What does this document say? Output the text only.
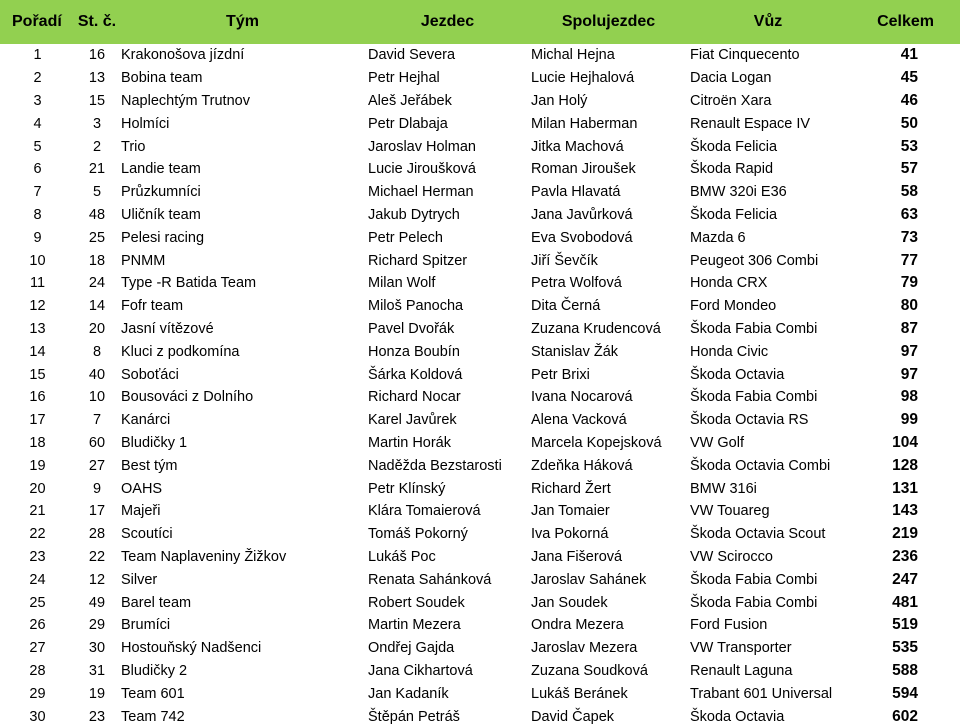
Pořadí	St. č.	Tým	Jezdec	Spolujezdec	Vůz	Celkem
1	16	Krakonošova jízdní	David Severa	Michal Hejna	Fiat Cinquecento	41
2	13	Bobina team	Petr Hejhal	Lucie Hejhalová	Dacia Logan	45
3	15	Naplechtým Trutnov	Aleš Jeřábek	Jan Holý	Citroën Xara	46
4	3	Holmíci	Petr Dlabaja	Milan Haberman	Renault Espace IV	50
5	2	Trio	Jaroslav Holman	Jitka Machová	Škoda Felicia	53
6	21	Landie team	Lucie Jiroušková	Roman Jiroušek	Škoda Rapid	57
7	5	Průzkumníci	Michael Herman	Pavla Hlavatá	BMW 320i E36	58
8	48	Uličník team	Jakub Dytrych	Jana Javůrková	Škoda Felicia	63
9	25	Pelesi racing	Petr Pelech	Eva Svobodová	Mazda 6	73
10	18	PNMM	Richard Spitzer	Jiří Ševčík	Peugeot 306 Combi	77
11	24	Type -R Batida Team	Milan Wolf	Petra Wolfová	Honda CRX	79
12	14	Fofr team	Miloš Panocha	Dita Černá	Ford Mondeo	80
13	20	Jasní vítězové	Pavel Dvořák	Zuzana Krudencová	Škoda Fabia Combi	87
14	8	Kluci z podkomína	Honza Boubín	Stanislav Žák	Honda Civic	97
15	40	Soboťáci	Šárka Koldová	Petr Brixi	Škoda Octavia	97
16	10	Bousováci z Dolního	Richard Nocar	Ivana Nocarová	Škoda Fabia Combi	98
17	7	Kanárci	Karel Javůrek	Alena Vacková	Škoda Octavia RS	99
18	60	Bludičky 1	Martin Horák	Marcela Kopejsková	VW Golf	104
19	27	Best tým	Naděžda Bezstarosti	Zdeňka Háková	Škoda Octavia Combi	128
20	9	OAHS	Petr Klínský	Richard Žert	BMW 316i	131
21	17	Majeři	Klára Tomaierová	Jan Tomaier	VW Touareg	143
22	28	Scoutíci	Tomáš Pokorný	Iva Pokorná	Škoda Octavia Scout	219
23	22	Team Naplaveniny Žižkov	Lukáš Poc	Jana Fišerová	VW Scirocco	236
24	12	Silver	Renata Sahánková	Jaroslav Sahánek	Škoda Fabia Combi	247
25	49	Barel team	Robert Soudek	Jan Soudek	Škoda Fabia Combi	481
26	29	Brumíci	Martin Mezera	Ondra Mezera	Ford Fusion	519
27	30	Hostouňský Nadšenci	Ondřej Gajda	Jaroslav Mezera	VW Transporter	535
28	31	Bludičky 2	Jana Cikhartová	Zuzana Soudková	Renault Laguna	588
29	19	Team 601	Jan Kadaník	Lukáš Beránek	Trabant 601 Universal	594
30	23	Team 742	Štěpán Petráš	David Čapek	Škoda Octavia	602
